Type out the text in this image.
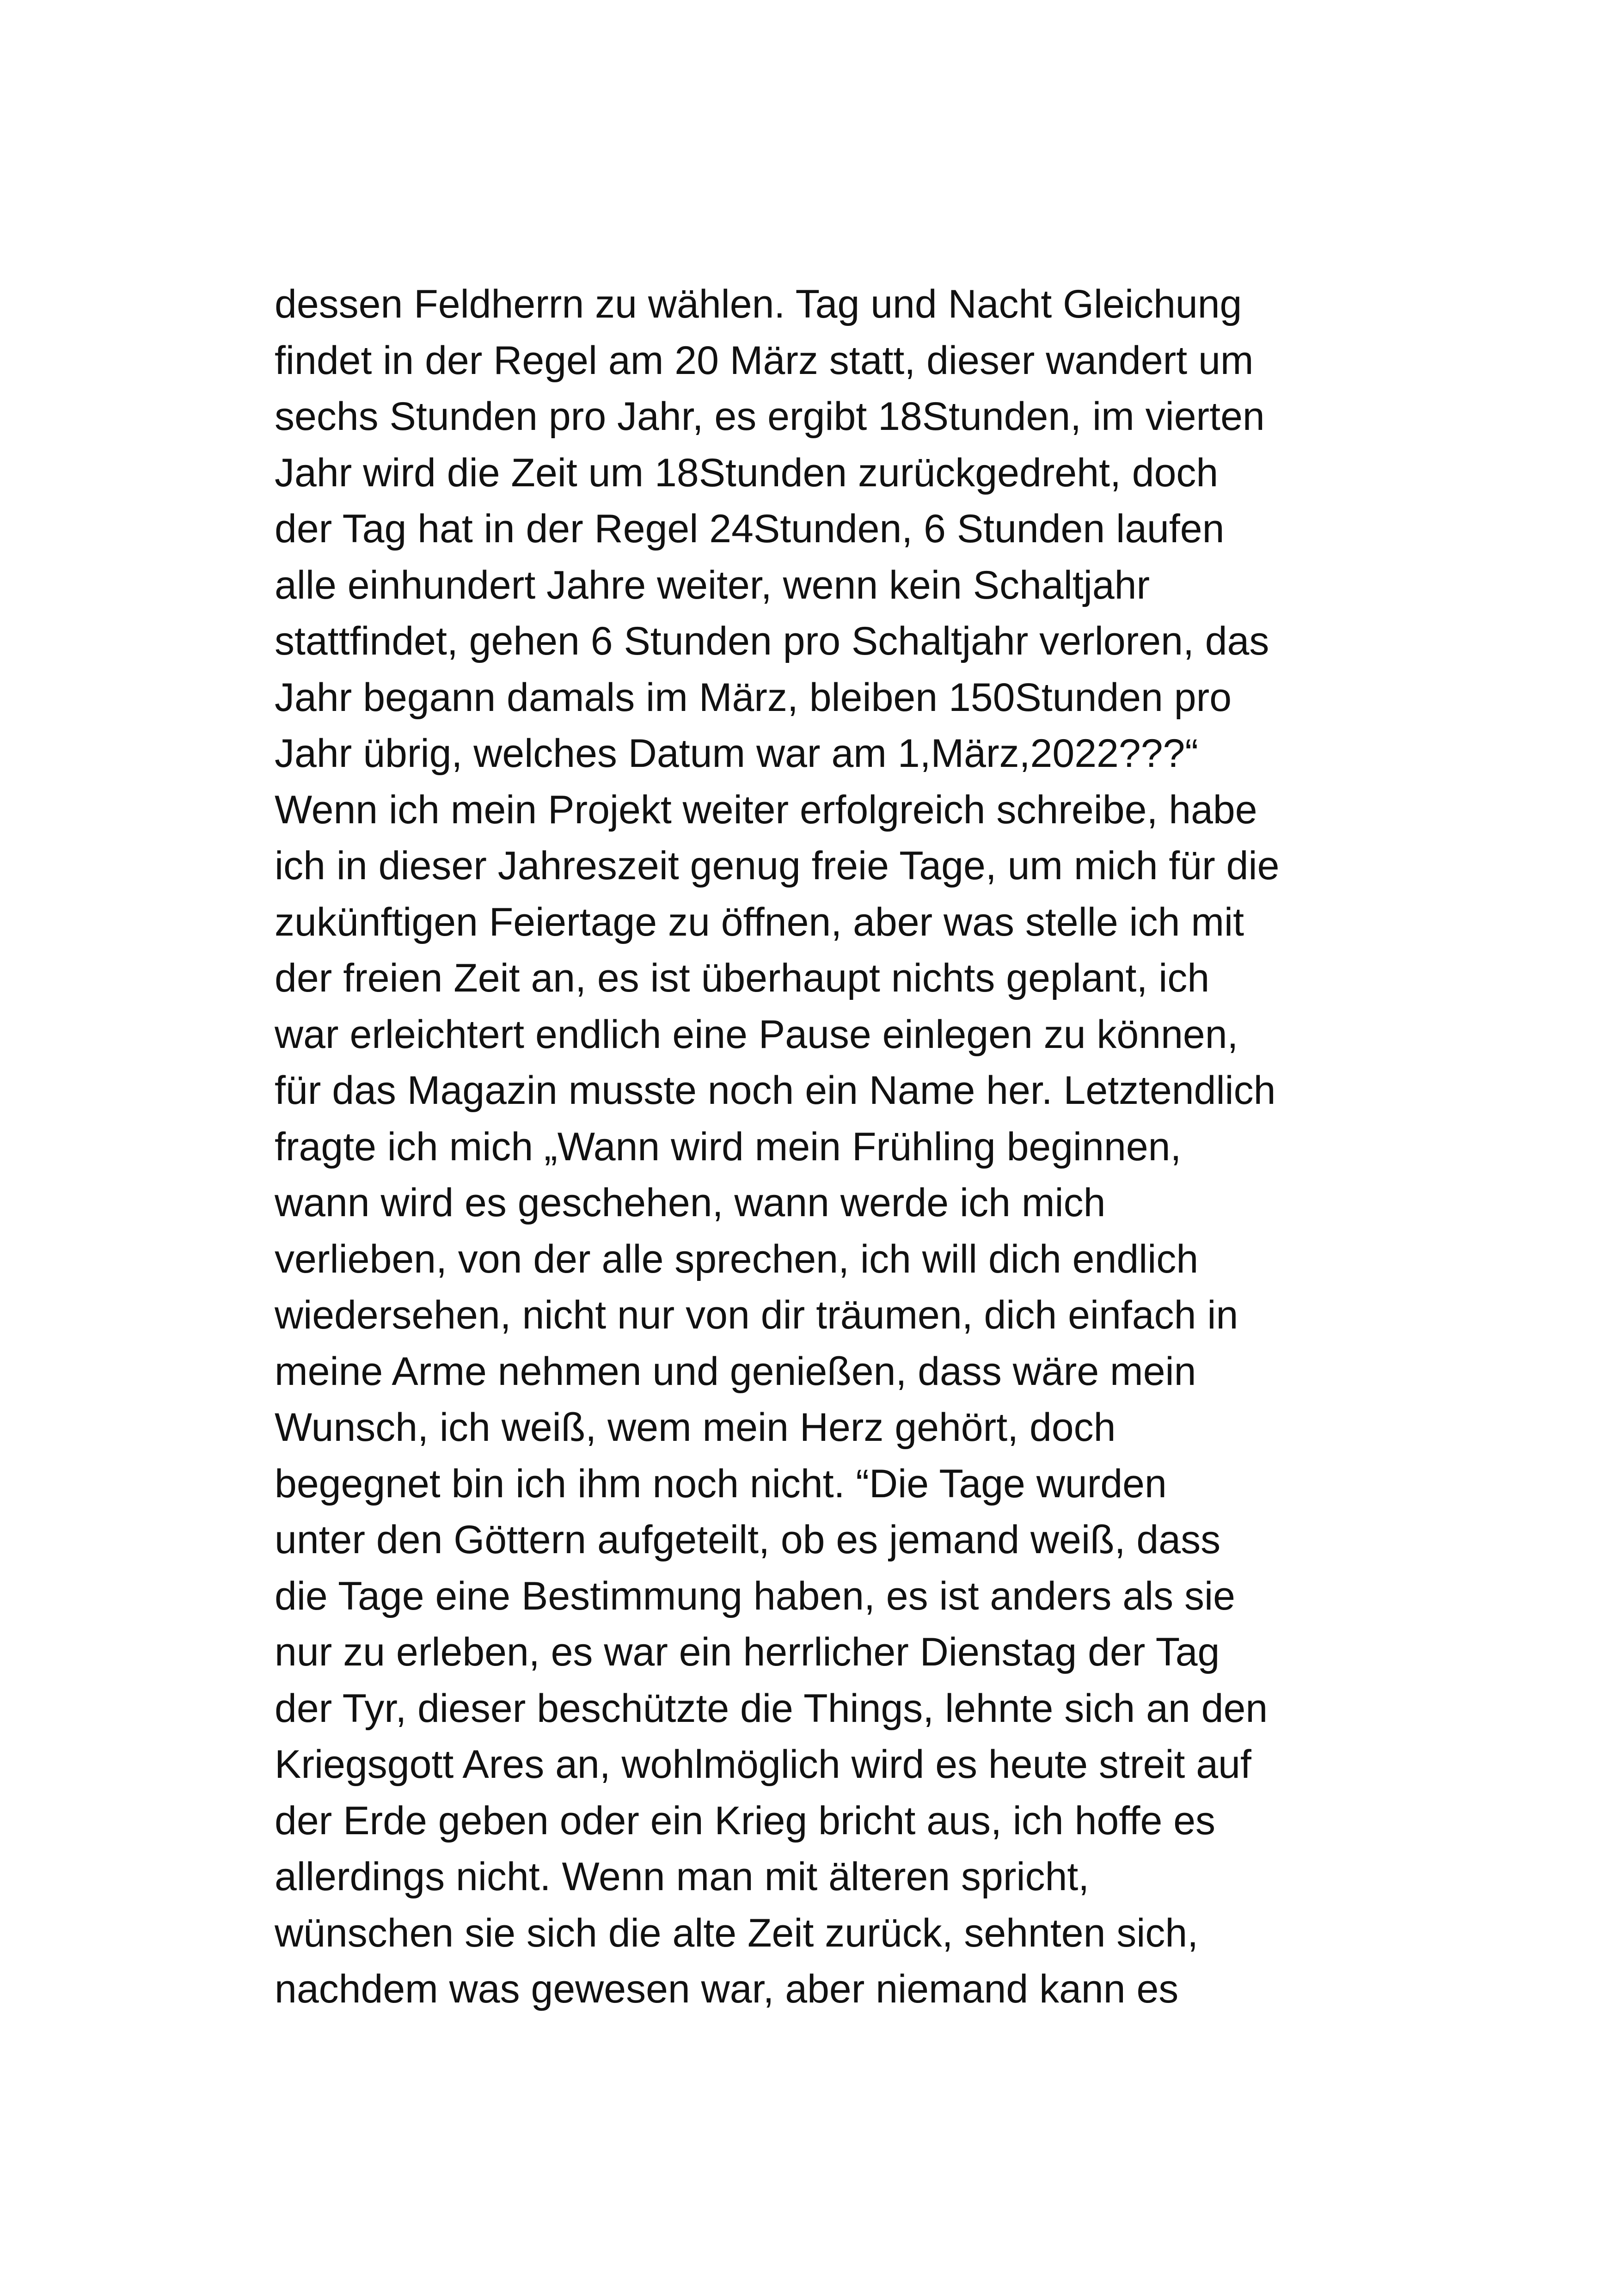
dessen Feldherrn zu wählen. Tag und Nacht Gleichung
findet in der Regel am 20 März statt, dieser wandert um
sechs Stunden pro Jahr, es ergibt 18Stunden, im vierten
Jahr wird die Zeit um 18Stunden zurückgedreht, doch
der Tag hat in der Regel 24Stunden, 6 Stunden laufen
alle einhundert Jahre weiter, wenn kein Schaltjahr
stattfindet, gehen 6 Stunden pro Schaltjahr verloren, das
Jahr begann damals im März, bleiben 150Stunden pro
Jahr übrig, welches Datum war am 1,März,2022???“
Wenn ich mein Projekt weiter erfolgreich schreibe, habe
ich in dieser Jahreszeit genug freie Tage, um mich für die
zukünftigen Feiertage zu öffnen, aber was stelle ich mit
der freien Zeit an, es ist überhaupt nichts geplant, ich
war erleichtert endlich eine Pause einlegen zu können,
für das Magazin musste noch ein Name her. Letztendlich
fragte ich mich „Wann wird mein Frühling beginnen,
wann wird es geschehen, wann werde ich mich
verlieben, von der alle sprechen, ich will dich endlich
wiedersehen, nicht nur von dir träumen, dich einfach in
meine Arme nehmen und genießen, dass wäre mein
Wunsch, ich weiß, wem mein Herz gehört, doch
begegnet bin ich ihm noch nicht. “Die Tage wurden
unter den Göttern aufgeteilt, ob es jemand weiß, dass
die Tage eine Bestimmung haben, es ist anders als sie
nur zu erleben, es war ein herrlicher Dienstag der Tag
der Tyr, dieser beschützte die Things, lehnte sich an den
Kriegsgott Ares an, wohlmöglich wird es heute streit auf
der Erde geben oder ein Krieg bricht aus, ich hoffe es
allerdings nicht. Wenn man mit älteren spricht,
wünschen sie sich die alte Zeit zurück, sehnten sich,
nachdem was gewesen war, aber niemand kann es
